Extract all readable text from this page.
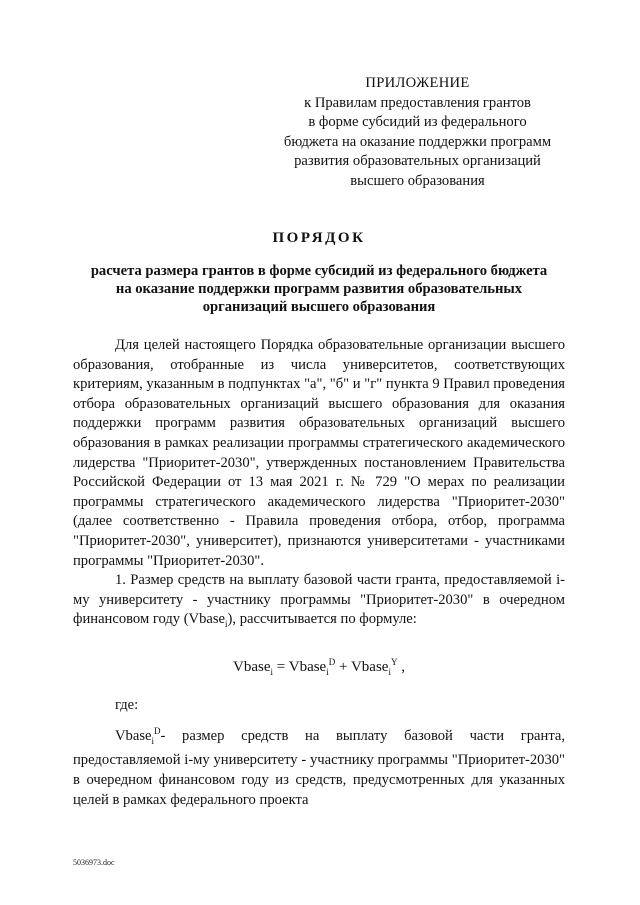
ПРИЛОЖЕНИЕ
к Правилам предоставления грантов
в форме субсидий из федерального
бюджета на оказание поддержки программ
развития образовательных организаций
высшего образования
ПОРЯДОК
расчета размера грантов в форме субсидий из федерального бюджета
на оказание поддержки программ развития образовательных
организаций высшего образования

Для целей настоящего Порядка образовательные организации высшего образования, отобранные из числа университетов, соответствующих критериям, указанным в подпунктах "а", "б" и "г" пункта 9 Правил проведения отбора образовательных организаций высшего образования для оказания поддержки программ развития образовательных организаций высшего образования в рамках реализации программы стратегического академического лидерства "Приоритет-2030", утвержденных постановлением Правительства Российской Федерации от 13 мая 2021 г. № 729 "О мерах по реализации программы стратегического академического лидерства "Приоритет-2030" (далее соответственно - Правила проведения отбора, отбор, программа "Приоритет-2030", университет), признаются университетами - участниками программы "Приоритет-2030".

1. Размер средств на выплату базовой части гранта, предоставляемой i-му университету - участнику программы "Приоритет-2030" в очередном финансовом году (Vbase$_i$), рассчитывается по формуле:

Vbase$_i$ = Vbase$_i^D$ + Vbase$_i^Y$ ,
где:

Vbase$_i^D$- размер средств на выплату базовой части гранта, предоставляемой i-му университету - участнику программы "Приоритет-2030" в очередном финансовом году из средств, предусмотренных для указанных целей в рамках федерального проекта

5036973.doc
